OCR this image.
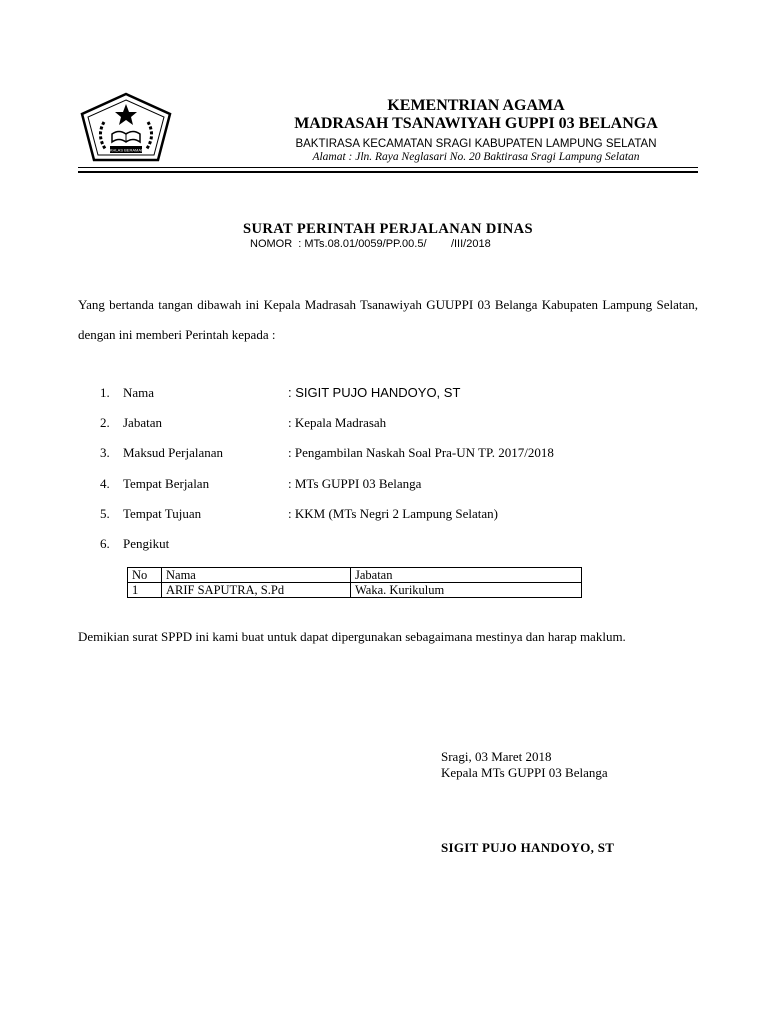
IKHLAS BERAMAL
KEMENTRIAN AGAMA
MADRASAH TSANAWIYAH GUPPI 03 BELANGA
BAKTIRASA KECAMATAN SRAGI KABUPATEN LAMPUNG SELATAN
Alamat : Jln. Raya Neglasari No. 20 Baktirasa Sragi Lampung Selatan
SURAT PERINTAH PERJALANAN DINAS
NOMOR  : MTs.08.01/0059/PP.00.5/        /III/2018
Yang bertanda tangan dibawah ini Kepala Madrasah Tsanawiyah GUUPPI 03 Belanga Kabupaten Lampung Selatan, dengan ini memberi Perintah kepada :
1. Nama	: SIGIT PUJO HANDOYO, ST
2. Jabatan	: Kepala Madrasah
3. Maksud Perjalanan	: Pengambilan Naskah Soal Pra-UN TP. 2017/2018
4. Tempat Berjalan	: MTs GUPPI 03 Belanga
5. Tempat Tujuan	: KKM (MTs Negri 2 Lampung Selatan)
6. Pengikut
No	Nama	Jabatan
1	ARIF SAPUTRA, S.Pd	Waka. Kurikulum
Demikian surat SPPD ini kami buat untuk dapat dipergunakan sebagaimana mestinya dan harap maklum.
Sragi, 03 Maret 2018
Kepala MTs GUPPI 03 Belanga
SIGIT PUJO HANDOYO, ST
